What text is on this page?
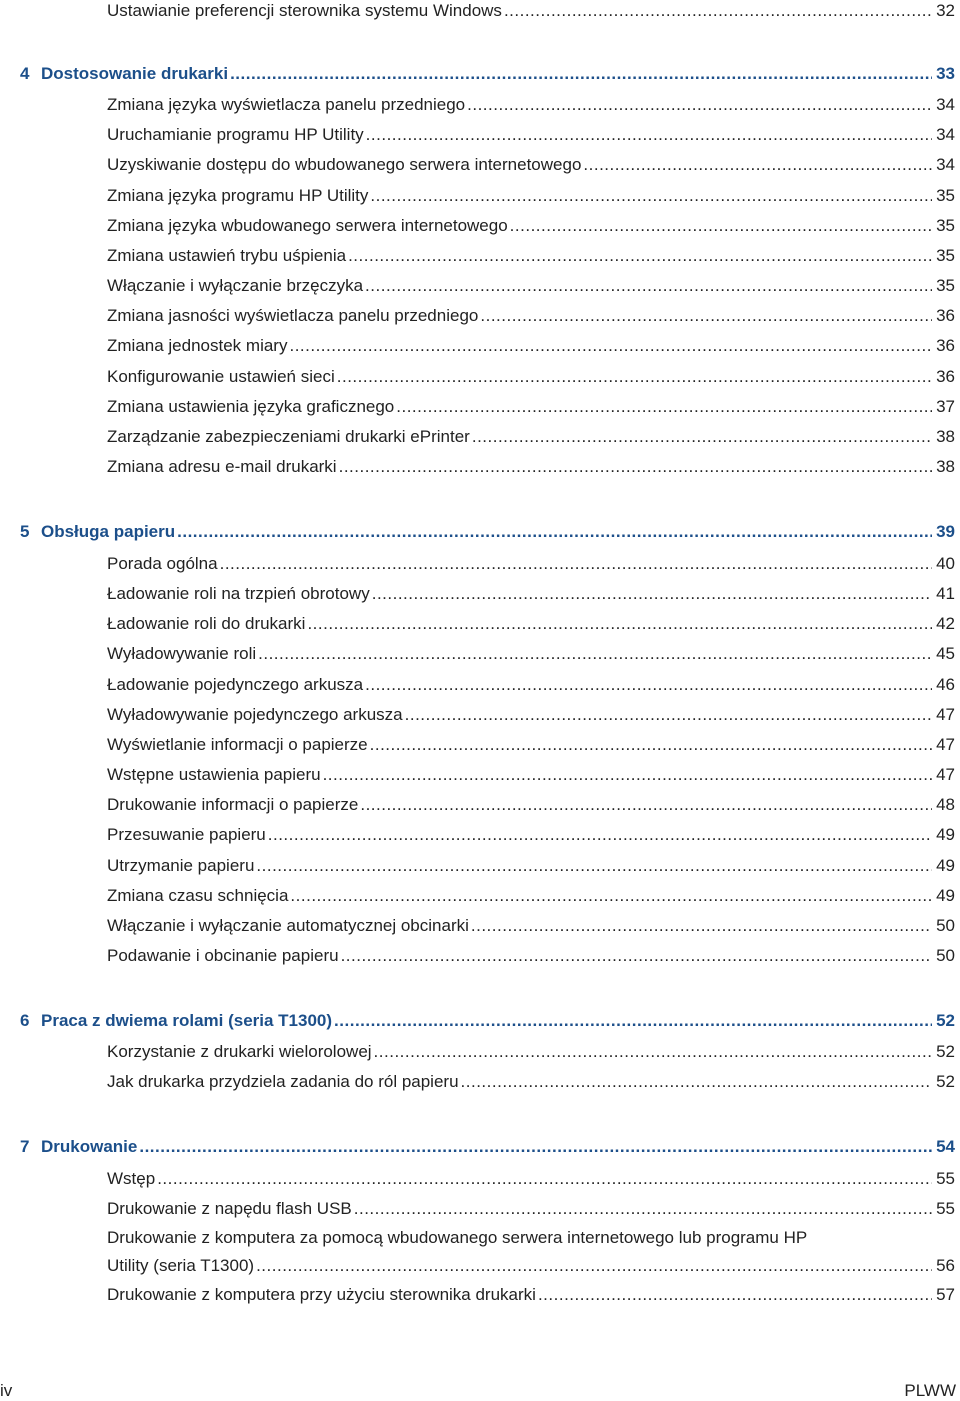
Ustawianie preferencji sterownika systemu Windows .....	32
4 Dostosowanie drukarki .....	33
Zmiana języka wyświetlacza panelu przedniego .....	34
Uruchamianie programu HP Utility .....	34
Uzyskiwanie dostępu do wbudowanego serwera internetowego .....	34
Zmiana języka programu HP Utility .....	35
Zmiana języka wbudowanego serwera internetowego .....	35
Zmiana ustawień trybu uśpienia .....	35
Włączanie i wyłączanie brzęczyka .....	35
Zmiana jasności wyświetlacza panelu przedniego .....	36
Zmiana jednostek miary .....	36
Konfigurowanie ustawień sieci .....	36
Zmiana ustawienia języka graficznego .....	37
Zarządzanie zabezpieczeniami drukarki ePrinter .....	38
Zmiana adresu e-mail drukarki .....	38
5 Obsługa papieru .....	39
Porada ogólna .....	40
Ładowanie roli na trzpień obrotowy .....	41
Ładowanie roli do drukarki .....	42
Wyładowywanie roli .....	45
Ładowanie pojedynczego arkusza .....	46
Wyładowywanie pojedynczego arkusza .....	47
Wyświetlanie informacji o papierze .....	47
Wstępne ustawienia papieru .....	47
Drukowanie informacji o papierze .....	48
Przesuwanie papieru .....	49
Utrzymanie papieru .....	49
Zmiana czasu schnięcia .....	49
Włączanie i wyłączanie automatycznej obcinarki .....	50
Podawanie i obcinanie papieru .....	50
6 Praca z dwiema rolami (seria T1300) .....	52
Korzystanie z drukarki wielorolowej .....	52
Jak drukarka przydziela zadania do ról papieru .....	52
7 Drukowanie .....	54
Wstęp .....	55
Drukowanie z napędu flash USB .....	55
Drukowanie z komputera za pomocą wbudowanego serwera internetowego lub programu HP
Utility (seria T1300) .....	56
Drukowanie z komputera przy użyciu sterownika drukarki .....	57
iv	PLWW
